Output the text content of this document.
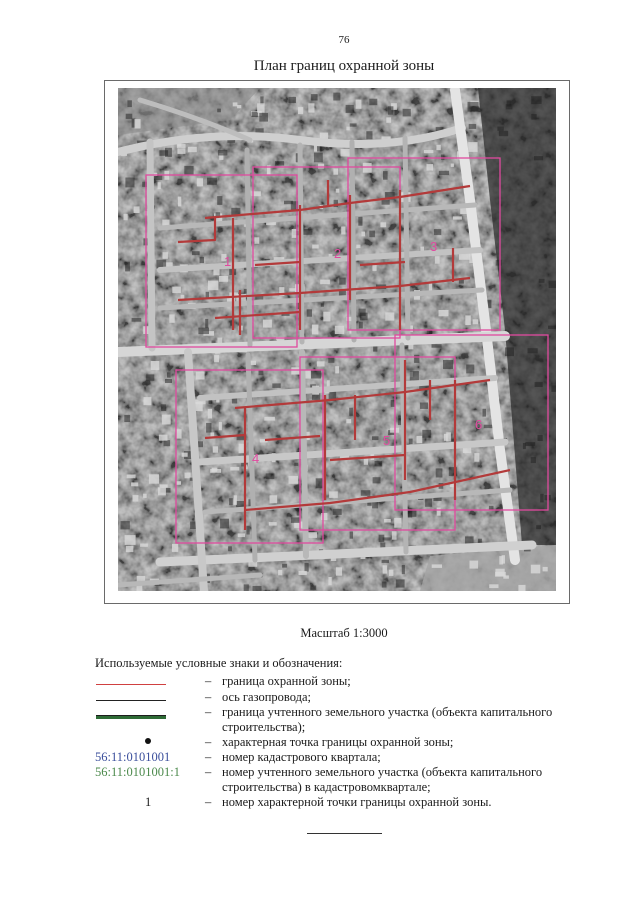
76
План границ охранной зоны
1
2	3
4
5
6
Масштаб 1:3000
Используемые условные знаки и обозначения:
– граница охранной зоны;
– ось газопровода;
– граница учтенного земельного участка (объекта капитального строительства);
– характерная точка границы охранной зоны;
56:11:0101001	– номер кадастрового квартала;
56:11:0101001:1 – номер учтенного земельного участка (объекта капитального строительства) в кадастровомквартале;
1	– номер характерной точки границы охранной зоны.
